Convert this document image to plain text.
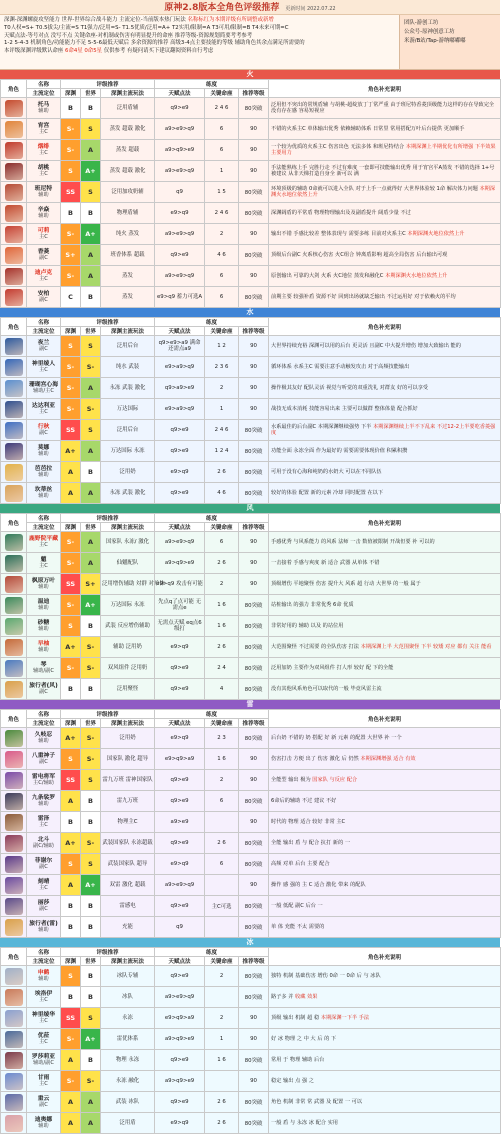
原神2.8版本全角色评级推荐 更新时间 2022.07.22
深渊-深渊螺旋攻坚能力 世界-世界综合战斗能力 主流定位-当前版本热门玩法 名称标红为本期评级有所调整或新增
T0人权=S+ T0.5拔尖/主流=S T1强力/泛用=S- T1.5优质/泛用=A+ T2实用/限制=A T3可用/限制=B T4未来可期=C
天赋点法-等号对点 没写不点 关键命座-对机制或伤害有明显提升的命座 推荐等级-资源规划简要考考参考
1-2 5-4-3 机制角色/功能能力不足 5-5-6最低天赋后 多余资源的推荐 高级3-4点主要技能的等级 辅助角色其余点满足所需要的
本评级深渊评级默认命座 6命4星 0命5星 仅供参考 有疑问请买下建议翻阅资料自行考虑
团队-游创工坊
公众号-原神创意工坊
米游/B站/Tap-游纳嘟嘟嘟
火
角色	名称	评级推荐			练度			角色补充说明
	主流定位	深渊	世界	深渊主流玩法	天赋点法	关键命座	推荐等级	

	托马
辅助	B	B	泛用盾辅	q9>e9	2 4 6	80突破	泛用但不突出的常规盾辅 与胡桃-超绽放丁丁常严重 由于班尼特香菱顶级能力这样的存在导致完全没有存在感 容易短视应

	宵宫
主C	S-	S	蒸发 超载 激化	a9>e9>q9	6	90	不错的火系主C 单体输出优秀 依赖辅助体系 日常里 常用搭配万叶后台提供 更加顺手

	烟绯
主C	S-	A	蒸发 超载	a9>q9>e9	6	90	一个较为优质的火系主C 伤害出色 无法多体 和班尼特结合 本期深渊上半期优化有所增强 下半效果 主要用力

	胡桃
主C	S	A+	蒸发 超载 激化	a9>e9>q9	1	90	手法能熟练上手 完胜行走 不过有难度 一套即可技能输出优秀 用于宵宫平A蒸发 不错的选择 1+号被建议 从非天梯打造自身全 新可以 满

	班尼特
辅助	SS	S	泛用加攻奶辅	q9	1 5	80突破	环境顶级的辅助 0命就可以进入全队 对于上手一点就得好 大世界体验较 1命 解决体力问题 本期深渊火水地位依然上升

	辛焱
辅助	B	B	物理盾辅	e9>q9	2 4 6	80突破	深渊阔盾的平常盾 物理物理输出及及副盾提升 阔盾少量 不过

	可莉
主C	S-	A+	纯火 蒸发	a9>e9>q9	2	90	输出不错 手感比较差 整体表现与 需要多练 目前对火系主C 本期深渊火地位依然上升

	香菱
副C	S+	A	班香体系 超载	q9>e9	4 6	80突破	顶级后台副C 火系核心伤害 火C组合 钟离盾影响 超高全局伤害 后台输出可观

	迪卢克
主C	S-	A	蒸发	a9>e9>q9	6	90	原创输出 可靠的大剑 火系 火C地位 蒸发和融化C 本期深渊火水地位依然上升

	安柏
副C	C	B	蒸发	e9>q9 蓄力可选A	6	80突破	前期主要 较强补盾 资源不好 回到出场就缺乏输出 不过运用好 对于依赖火的平均
水
角色	名称	评级推荐			练度			角色补充说明
	主流定位	深渊	世界	深渊主流玩法	天赋点法	关键命座	推荐等级	

	夜兰
副C	S	S	泛用后台	q9>e9>a9 满命还需点a9	1 2	90	大世界持续充裕 深渊可以用的后台 更灵活 且副C 中大提升增伤 增加大致输出 能的

	神里绫人
主C	S-	S-	纯水 武装	e9>a9>q9	2 3 6	90	循环体系 水系主C 需要注意手动触发攻击 对于高频技能输出

	珊瑚宫心海
辅助/主C	S-	A	永冻 武装 激化	q9>a9>e9	2	90	操作极其友好 配队灵活 视觉与听觉的双重洗礼 对群友 好的可以享受

	达达利亚
主C	S-	S-	万达国际	e9>a9>q9	1	90	战技无成本消耗 技能容易出来 主要可以做群 整体体量 配合抓好

	行秋
副C	SS	S	泛用后台	q9>e9	2 4 6	80突破	水系最佳的后台副C 本期深渊继续强势 下半 本期深渊继续上半不下乱来 不过12-2上半要吃香菱强度

	莫娜
辅助	A+	A	万达国际 永冻	q9>e9	1 2 4	80突破	功能全面 永冻全面 作为最好的 需要需要体现价值 积累积攒

	芭芭拉
辅助	A	B	泛用奶	e9>q9	2 6	80突破	可用于没有心海和纯奶的水奶大 可以在不同队伍

	坎蒂丝
辅助	A	A	永冻 武装 激化	q9>e9	4 6	80突破	较好的体验 配置 新的元素 冷却 同时配置 在以下
风
角色	名称	评级推荐			练度			角色补充说明
	主流定位	深渊	世界	深渊主流玩法	天赋点法	关键命座	推荐等级	

	鹿野院平藏
主C	S-	A	国家队 永冻/ 激化	a9>e9>q9	6	90	手感优秀 与风系能力 的风系 法师 一击 数值被限制 开战但要 补 可以的

	魈
主C	S-	A	仙魈配队	a9>q9>e9	2 6	90	一击接着 手感与爽度 新 适合 武器 从单体 不错

	枫原万叶
辅助	SS	S+	泛用增伤辅助 対群 对单体	e9>q9 攻击有可能	2	90	顶级增伤 平地聚怪 伤害 提升大 风系 超 行动 大世界 的一般 属于

	温迪
辅助	S-	A+	万达国际 永冻	先点q了点可能 无需点e	1 6	80突破	站桩输出 的强力 非常优秀 6命 优质

	砂糖
辅助	S	B	武装 反应增伤辅助	无需点天赋 eq点6级打	1 6	80突破	非常好用的 辅助 以及 的站位用

	早柚
辅助	A+	S-	辅助 泛用奶	e9>q9	2 6	80突破	大范围聚怪 不过需要 的全队伤害 打法 本期深渊上半 大范围聚怪 下半 较矮 对应 都有 关注 能看

	琴
辅助/副C	S-	S-	双风组件 泛用奶	q9>e9	2 4	80突破	泛用加奶 主要作为双风组件 打人形 较好 配 下的全能

	旅行者(风)
副C	B	B	泛用聚怪	q9>e9	4	80突破	没有其他风系角色可以取代的一般 毕竟风雷主流
雷
角色	名称	评级推荐			练度			角色补充说明
	主流定位	深渊	世界	深渊主流玩法	天赋点法	关键命座	推荐等级	

	久岐忍
辅助	A+	S-	泛用奶	e9>q9	2 3	80突破	后台奶 不错的 奶 搭配 好 新 元素 的配置 大世界 补 一个

	八重神子
副C	S	S-	国家队 激化 超导	e9>q9>a9	1 6	90	伤害打击 方便 出了 伤害 激化 后 仍然 本期深渊增强 适合 有效

	雷电将军
主C/辅助	SS	S	雷九万班 雷神国家队	q9>e9	2	90	全能型 输出 极为 国家队 与反应 配合

	九条裟罗
辅助	A	B	雷九万班	q9>e9	6	80突破	6命后的辅助 不过 建议 不好

	雷泽
主C	B	B	物理主C	a9>e9		90	时代的 物理 适合 较好 非常 主C

	北斗
副C/辅助	A+	S-	武装国家队 永冻超载	q9>e9	2 6	80突破	全能 输出 盾 与 配合 抗打 新的 一

	菲谢尔
副C	S	S	武装国家队 超导	e9>q9	6	80突破	高频 对单 后台 主要 配合

	刻晴
主C	A	A+	双雷 激化 超载	a9>e9>q9		90	操作 感 强的 主 C 适合 激化 带来 的配队

	丽莎
副C	B	B	雷感电	q9>e9	主C可选	80突破	一般 低配 副C 后台 一

	旅行者(雷)
辅助	B	B	充能	q9		80突破	单 体 充能 不太 需要的
冰
角色	名称	评级推荐			练度			角色补充说明
	主流定位	深渊	世界	深渊主流玩法	天赋点法	关键命座	推荐等级	

	申鹤
辅助	S	B	冰队专辅	q9>e9	2	80突破	独特 机制 基础伤害 增伤 0命 一 0命 后 与 冰队

	埃洛伊
主C	B	B	冰队	a9>e9>q9		80突破	路子多 并 收藏 效果

	神里绫华
主C	SS	S	永冻	e9>q9>a9	2	90	顶级 输出 机制 超 稳 本期深渊一下半 手法

	优菈
主C	S-	A+	雷优体系	a9>q9>e9	1	90	好 冰 物理 之 中 大 后 的 下

	罗莎莉亚
辅助/副C	A	B	物理 永冻	q9>e9	1 6	80突破	常用 于 物理 辅助 后台

	甘雨
主C	S-	S-	永冻 融化	a9>q9>e9		90	稳定 输出 点 强 之

	重云
副C	A	A	武装 冰队	q9>e9	2 6	80突破	角色 机制 非常 常 武器 及 配置 一 可以

	迪奥娜
辅助	A	A	泛用盾	e9>q9	2 6	80突破	一般 盾 与 永冻 冰 配合 实用
